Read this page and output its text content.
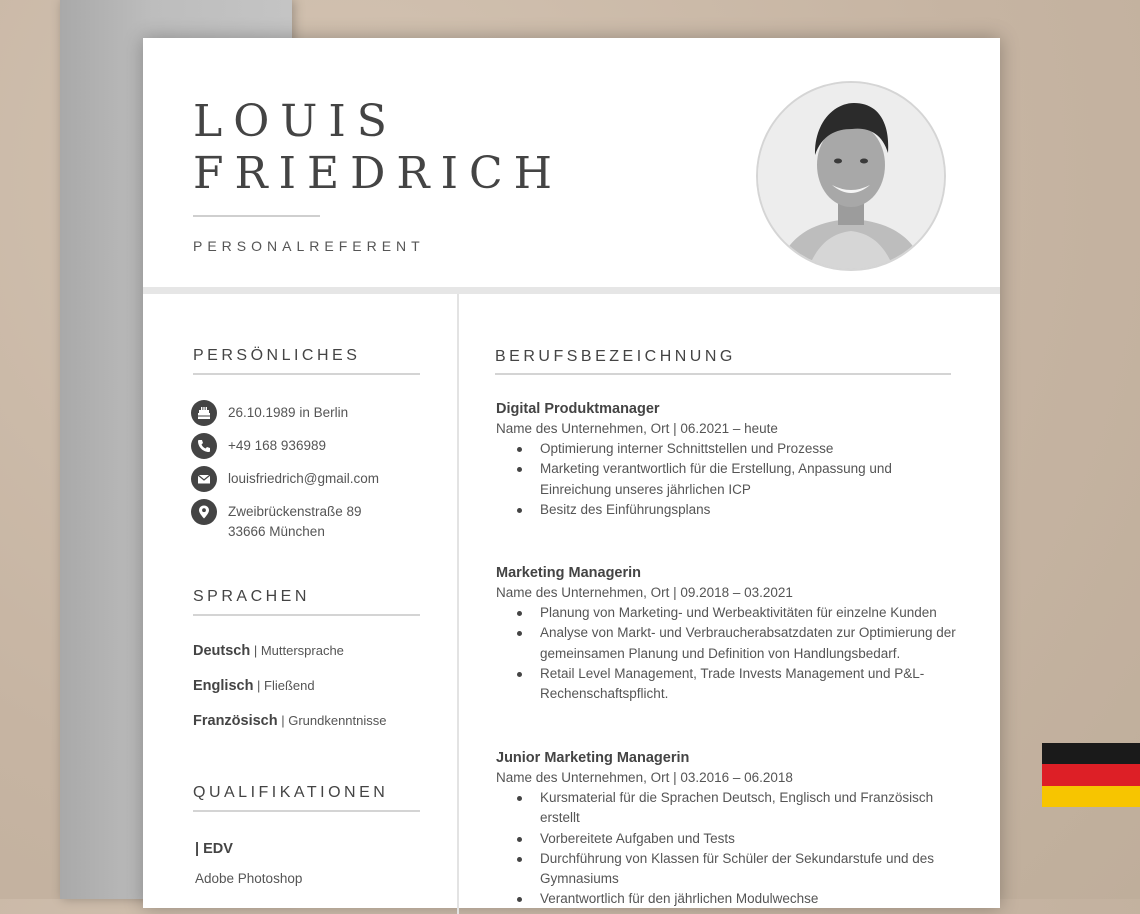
LOUIS
FRIEDRICH
PERSONALREFERENT
PERSÖNLICHES
26.10.1989 in Berlin
+49 168 936989
louisfriedrich@gmail.com
Zweibrückenstraße 89
33666 München
SPRACHEN
Deutsch | Muttersprache
Englisch | Fließend
Französisch | Grundkenntnisse
QUALIFIKATIONEN
| EDV
Adobe Photoshop
BERUFSBEZEICHNUNG
Digital Produktmanager
Name des Unternehmen, Ort | 06.2021 – heute
Optimierung interner Schnittstellen und Prozesse
Marketing verantwortlich für die Erstellung, Anpassung und Einreichung unseres jährlichen ICP
Besitz des Einführungsplans
Marketing Managerin
Name des Unternehmen, Ort | 09.2018 – 03.2021
Planung von Marketing- und Werbeaktivitäten für einzelne Kunden
Analyse von Markt- und Verbraucherabsatzdaten zur Optimierung der gemeinsamen Planung und Definition von Handlungsbedarf.
Retail Level Management, Trade Invests Management und P&L-Rechenschaftspflicht.
Junior Marketing Managerin
Name des Unternehmen, Ort | 03.2016 – 06.2018
Kursmaterial für die Sprachen Deutsch, Englisch und Französisch erstellt
Vorbereitete Aufgaben und Tests
Durchführung von Klassen für Schüler der Sekundarstufe und des Gymnasiums
Verantwortlich für den jährlichen Modulwechse
